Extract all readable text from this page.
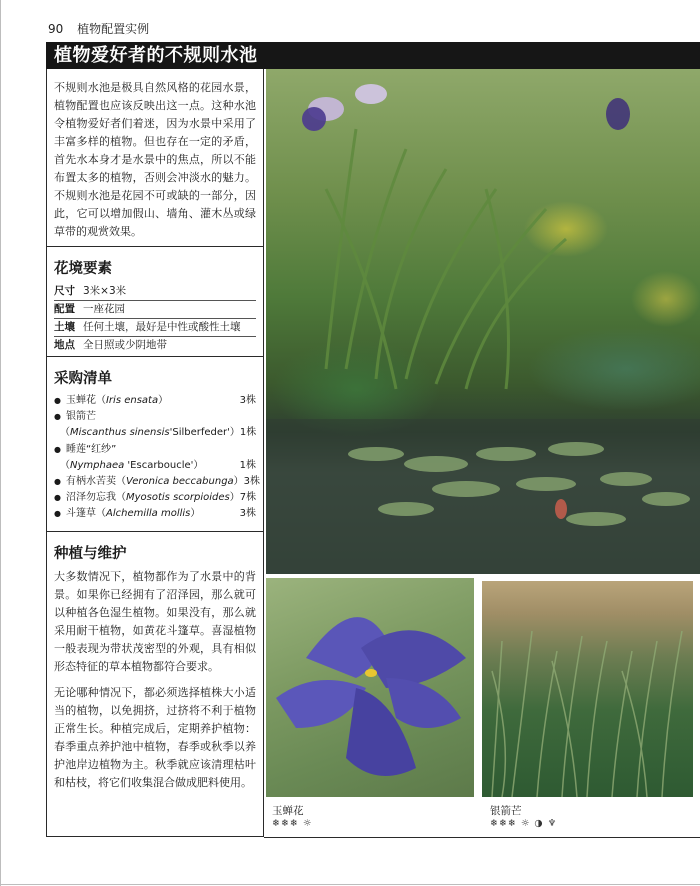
90 植物配置实例
植物爱好者的不规则水池

不规则水池是极具自然风格的花园水景，植物配置也应该反映出这一点。这种水池令植物爱好者们着迷，因为水景中采用了丰富多样的植物。但也存在一定的矛盾，首先水本身才是水景中的焦点，所以不能布置太多的植物，否则会冲淡水的魅力。不规则水池是花园不可或缺的一部分，因此，它可以增加假山、墙角、灌木丛或绿草带的观赏效果。

花境要素
尺寸 3米×3米
配置 一座花园
土壤 任何土壤，最好是中性或酸性土壤
地点 全日照或少阴地带
采购清单
● 玉蝉花（Iris ensata）	3株
● 银箭芒
（Miscanthus sinensis'Silberfeder'） 1株
● 睡莲“红纱”
（Nymphaea 'Escarboucle'）	1株
● 有柄水苦荬（Veronica beccabunga） 3株
● 沼泽勿忘我（Myosotis scorpioides） 7株
● 斗篷草（Alchemilla mollis）	3株
种植与维护

大多数情况下，植物都作为了水景中的背景。如果你已经拥有了沼泽园，那么就可以种植各色湿生植物。如果没有，那么就采用耐干植物，如黄花斗篷草。喜湿植物一般表现为带状茂密型的外观，具有相似形态特征的草本植物都符合要求。

无论哪种情况下，都必须选择植株大小适当的植物，以免拥挤，过挤将不利于植物正常生长。种植完成后，定期养护植物：春季重点养护池中植物，春季或秋季以养护池岸边植物为主。秋季就应该清理枯叶和枯枝，将它们收集混合做成肥料使用。

玉蝉花
❄❄❄ ☼
银箭芒
❄❄❄ ☼ ◑ ♆
